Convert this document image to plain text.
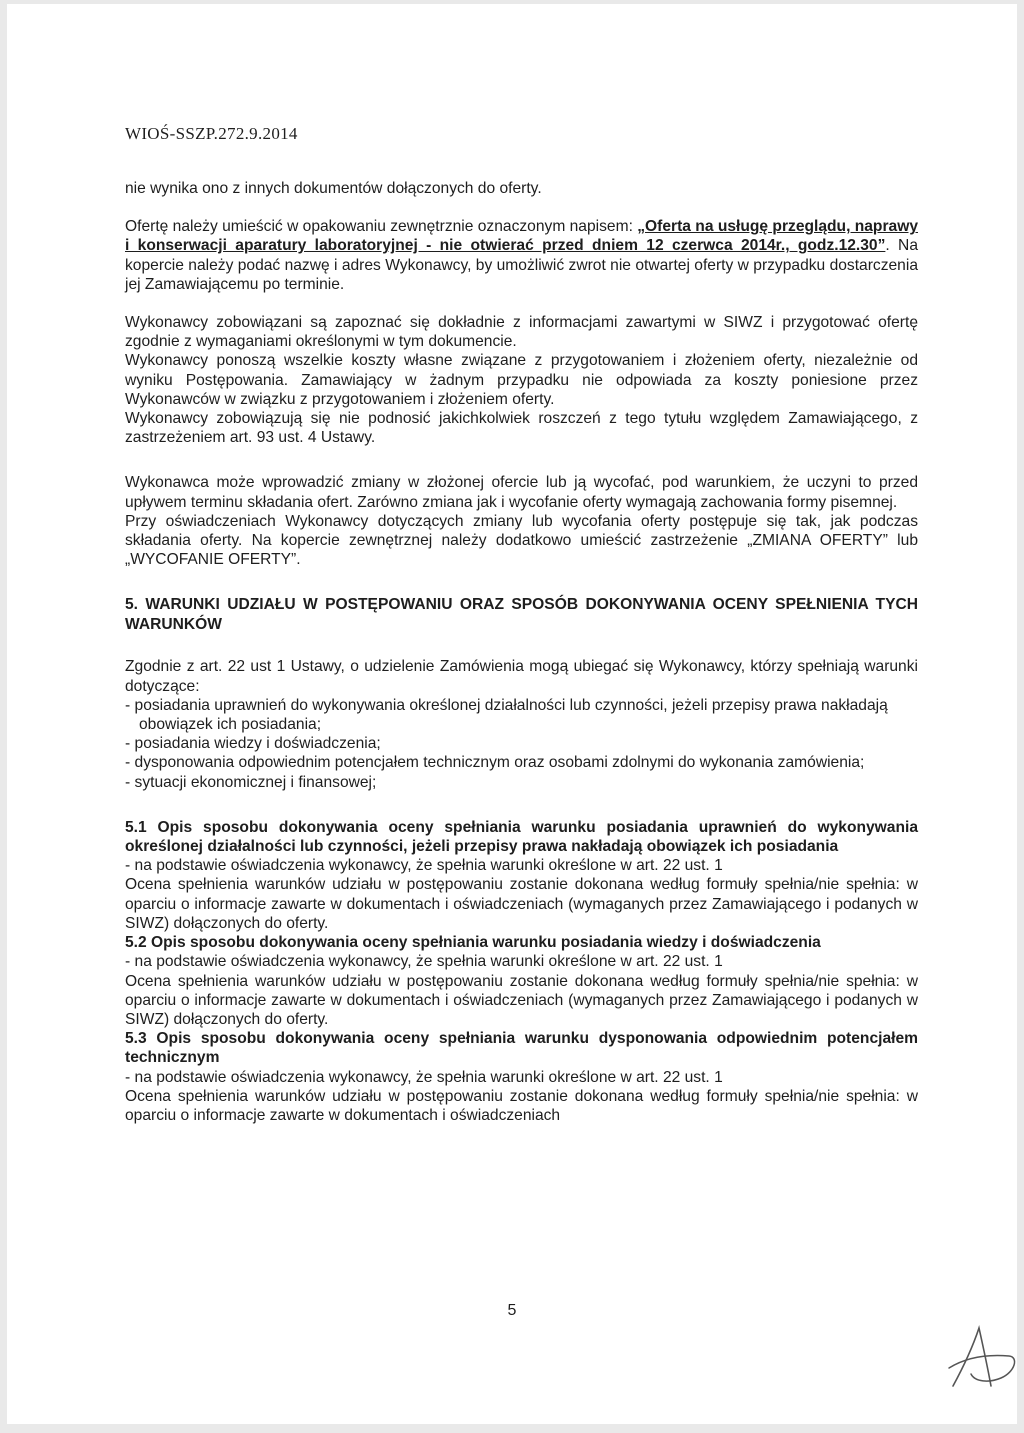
WIOŚ-SSZP.272.9.2014

nie wynika ono z innych dokumentów dołączonych do oferty.

Ofertę należy umieścić w opakowaniu zewnętrznie oznaczonym napisem: „Oferta na usługę przeglądu, naprawy i konserwacji aparatury laboratoryjnej - nie otwierać przed dniem 12 czerwca 2014r., godz.12.30”. Na kopercie należy podać nazwę i adres Wykonawcy, by umożliwić zwrot nie otwartej oferty w przypadku dostarczenia jej Zamawiającemu po terminie.

Wykonawcy zobowiązani są zapoznać się dokładnie z informacjami zawartymi w SIWZ i przygotować ofertę zgodnie z wymaganiami określonymi w tym dokumencie.

Wykonawcy ponoszą wszelkie koszty własne związane z przygotowaniem i złożeniem oferty, niezależnie od wyniku Postępowania. Zamawiający w żadnym przypadku nie odpowiada za koszty poniesione przez Wykonawców w związku z przygotowaniem i złożeniem oferty.

Wykonawcy zobowiązują się nie podnosić jakichkolwiek roszczeń z tego tytułu względem Zamawiającego, z zastrzeżeniem art. 93 ust. 4 Ustawy.

Wykonawca może wprowadzić zmiany w złożonej ofercie lub ją wycofać, pod warunkiem, że uczyni to przed upływem terminu składania ofert. Zarówno zmiana jak i wycofanie oferty wymagają zachowania formy pisemnej.

Przy oświadczeniach Wykonawcy dotyczących zmiany lub wycofania oferty postępuje się tak, jak podczas składania oferty. Na kopercie zewnętrznej należy dodatkowo umieścić zastrzeżenie „ZMIANA OFERTY” lub „WYCOFANIE OFERTY”.

5. WARUNKI UDZIAŁU W POSTĘPOWANIU ORAZ SPOSÓB DOKONYWANIA OCENY SPEŁNIENIA TYCH WARUNKÓW

Zgodnie z art. 22 ust 1 Ustawy, o udzielenie Zamówienia mogą ubiegać się Wykonawcy, którzy spełniają warunki dotyczące:

- posiadania uprawnień do wykonywania określonej działalności lub czynności, jeżeli przepisy prawa nakładają obowiązek ich posiadania;
- posiadania wiedzy i doświadczenia;
- dysponowania odpowiednim potencjałem technicznym oraz osobami zdolnymi do wykonania zamówienia;
- sytuacji ekonomicznej i finansowej;
5.1 Opis sposobu dokonywania oceny spełniania warunku posiadania uprawnień do wykonywania określonej działalności lub czynności, jeżeli przepisy prawa nakładają obowiązek ich posiadania

- na podstawie oświadczenia wykonawcy, że spełnia warunki określone w art. 22 ust. 1

Ocena spełnienia warunków udziału w postępowaniu zostanie dokonana według formuły spełnia/nie spełnia: w oparciu o informacje zawarte w dokumentach i oświadczeniach (wymaganych przez Zamawiającego i podanych w SIWZ) dołączonych do oferty.

5.2 Opis sposobu dokonywania oceny spełniania warunku posiadania wiedzy i doświadczenia

- na podstawie oświadczenia wykonawcy, że spełnia warunki określone w art. 22 ust. 1

Ocena spełnienia warunków udziału w postępowaniu zostanie dokonana według formuły spełnia/nie spełnia: w oparciu o informacje zawarte w dokumentach i oświadczeniach (wymaganych przez Zamawiającego i podanych w SIWZ) dołączonych do oferty.

5.3 Opis sposobu dokonywania oceny spełniania warunku dysponowania odpowiednim potencjałem technicznym

- na podstawie oświadczenia wykonawcy, że spełnia warunki określone w art. 22 ust. 1

Ocena spełnienia warunków udziału w postępowaniu zostanie dokonana według formuły spełnia/nie spełnia: w oparciu o informacje zawarte w dokumentach i oświadczeniach

5
